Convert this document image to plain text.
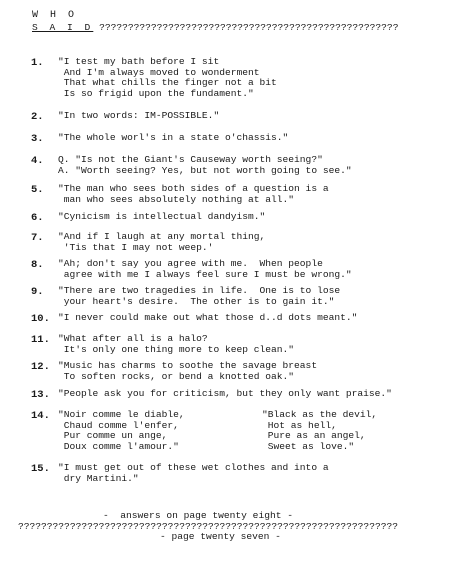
W H O
S A I D ????????????????????????????????????????????????????
1. "I test my bath before I sit
And I'm always moved to wonderment
That what chills the finger not a bit
Is so frigid upon the fundament."
2. "In two words: IM-POSSIBLE."
3. "The whole worl's in a state o'chassis."
4. Q. "Is not the Giant's Causeway worth seeing?"
A. "Worth seeing? Yes, but not worth going to see."
5. "The man who sees both sides of a question is a
man who sees absolutely nothing at all."
6. "Cynicism is intellectual dandyism."
7. "And if I laugh at any mortal thing,
'Tis that I may not weep.'
8. "Ah; don't say you agree with me.  When people
agree with me I always feel sure I must be wrong."
9. "There are two tragedies in life.  One is to lose
your heart's desire.  The other is to gain it."
10. "I never could make out what those d..d dots meant."
11. "What after all is a halo?
It's only one thing more to keep clean."
12. "Music has charms to soothe the savage breast
To soften rocks, or bend a knotted oak."
13. "People ask you for criticism, but they only want praise."
14. "Noir comme le diable,
Chaud comme l'enfer,
Pur comme un ange,
Doux comme l'amour."
"Black as the devil,
Hot as hell,
Pure as an angel,
Sweet as love."
15. "I must get out of these wet clothes and into a
dry Martini."
-  answers on page twenty eight -
??????????????????????????????????????????????????????????????????
- page twenty seven -
